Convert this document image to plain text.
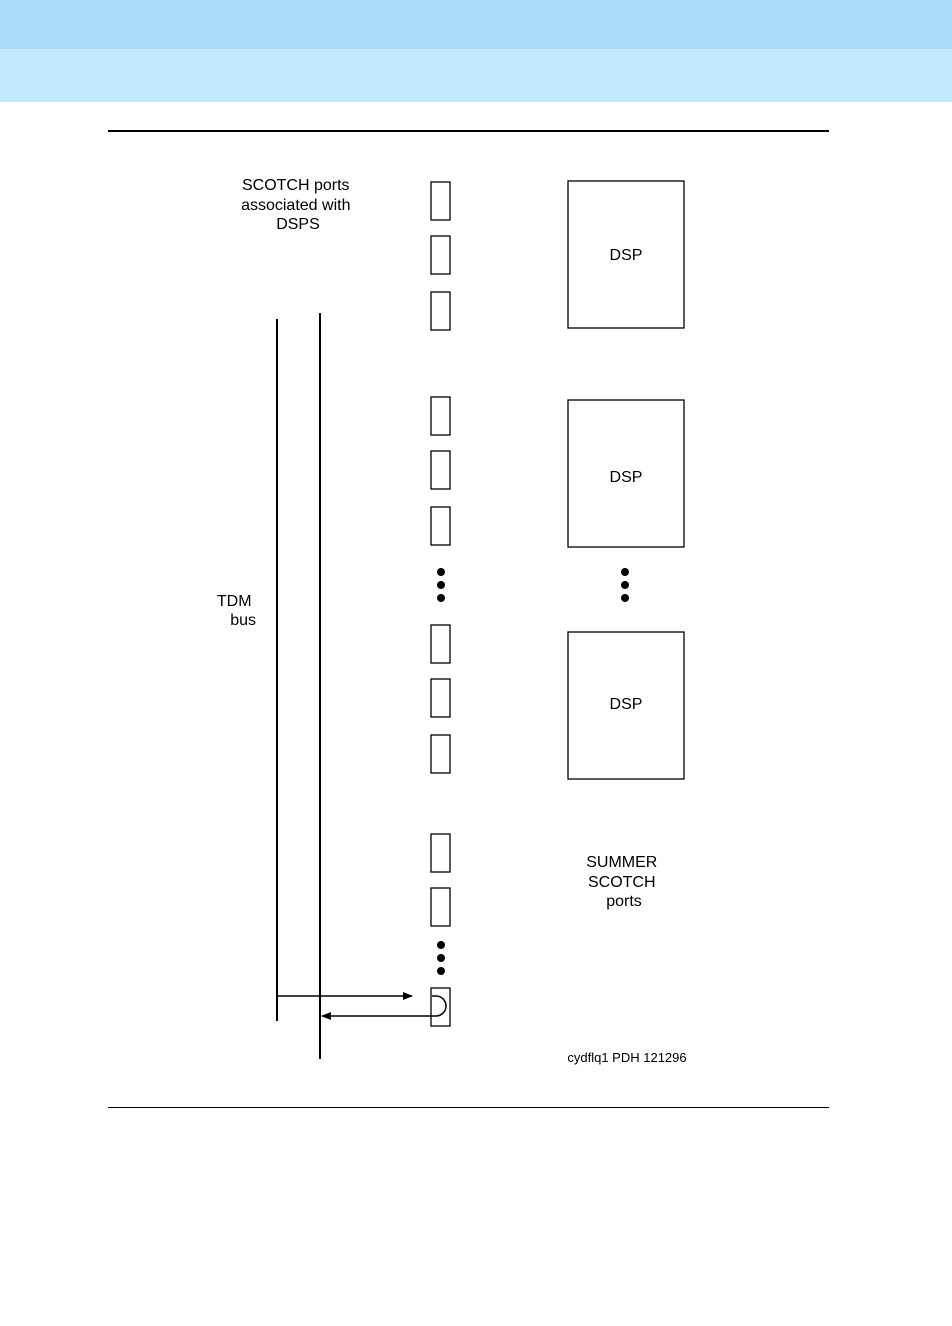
SCOTCH ports associated with DSPS
TDM bus
DSP
DSP
DSP
SUMMER SCOTCH ports
cydflq1 PDH 121296
